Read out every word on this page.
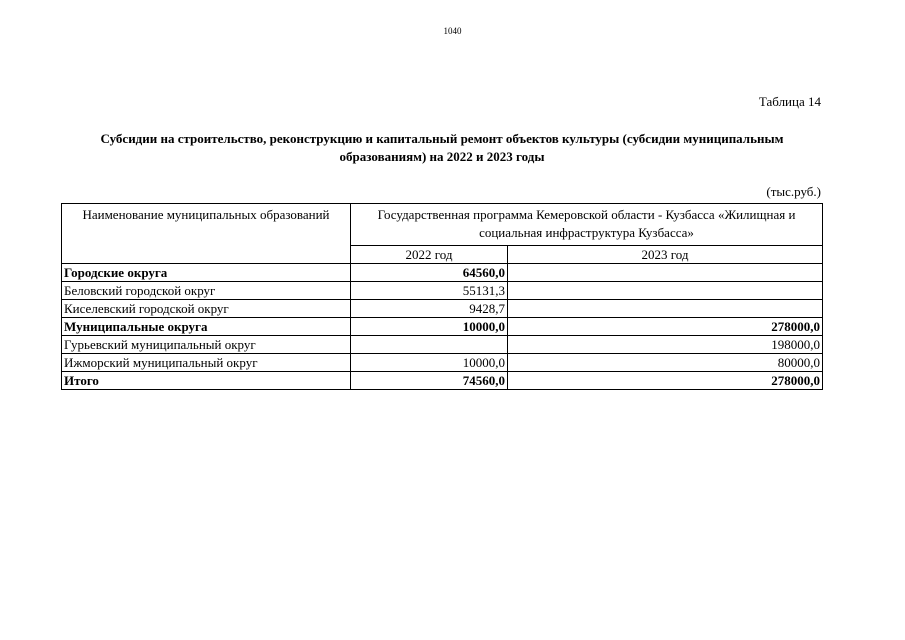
1040
Таблица 14
Субсидии на строительство, реконструкцию и капитальный ремонт объектов культуры (субсидии муниципальным образованиям) на 2022 и 2023 годы
(тыс.руб.)
Наименование муниципальных образований	Государственная программа Кемеровской области - Кузбасса «Жилищная и социальная инфраструктура Кузбасса»	
	2022 год	2023 год
Городские округа	64560,0	
Беловский городской округ	55131,3	
Киселевский городской округ	9428,7	
Муниципальные округа	10000,0	278000,0
Гурьевский муниципальный округ		198000,0
Ижморский муниципальный округ	10000,0	80000,0
Итого	74560,0	278000,0
